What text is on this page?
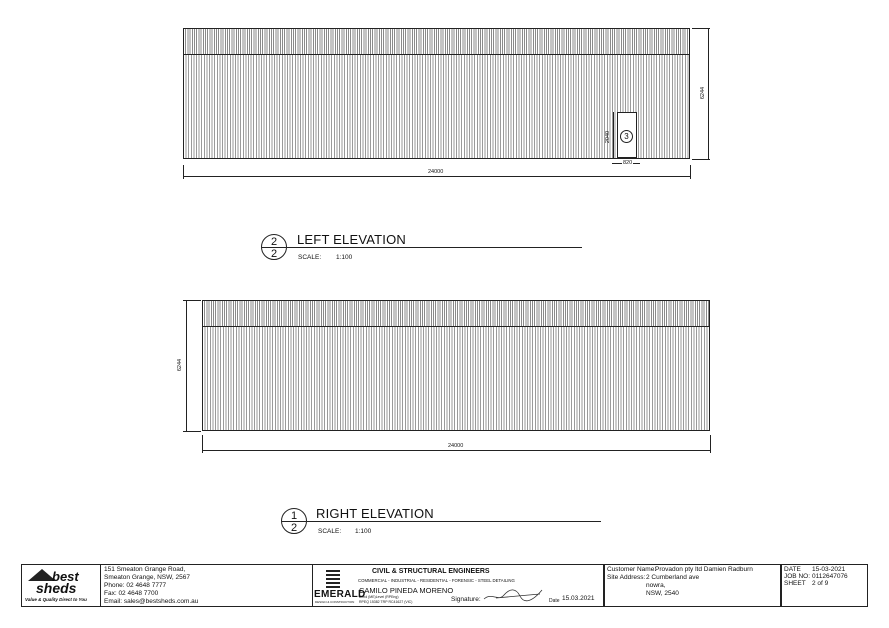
3
2040
820
24000
6244
2
2
LEFT ELEVATION
SCALE: 1:100
24000
6244
1
2
RIGHT ELEVATION
SCALE: 1:100
best
sheds
Value & Quality Direct to You
151 Smeaton Grange Road,
Smeaton Grange, NSW, 2567
Phone: 02 4648 7777
Fax: 02 4648 7700
Email: sales@bestsheds.com.au
EMERALD
DESIGN & CONSTRUCTION
CIVIL & STRUCTURAL ENGINEERS
COMMERCIAL - INDUSTRIAL - RESIDENTIAL - FORENSIC - STEEL DETAILING
CAMILO PINEDA MORENO
Bend (ME)Level (RPEng)
RPEQ 15382 TRP RC41627 (VIC)	Signature:	Date 15.03.2021
Customer Name:
Provadon pty ltd Damien Radburn
Site Address: 2 Cumberland ave
nowra,
NSW, 2540
DATE 15-03-2021
JOB NO: 0112647076
SHEET 2 of 9
